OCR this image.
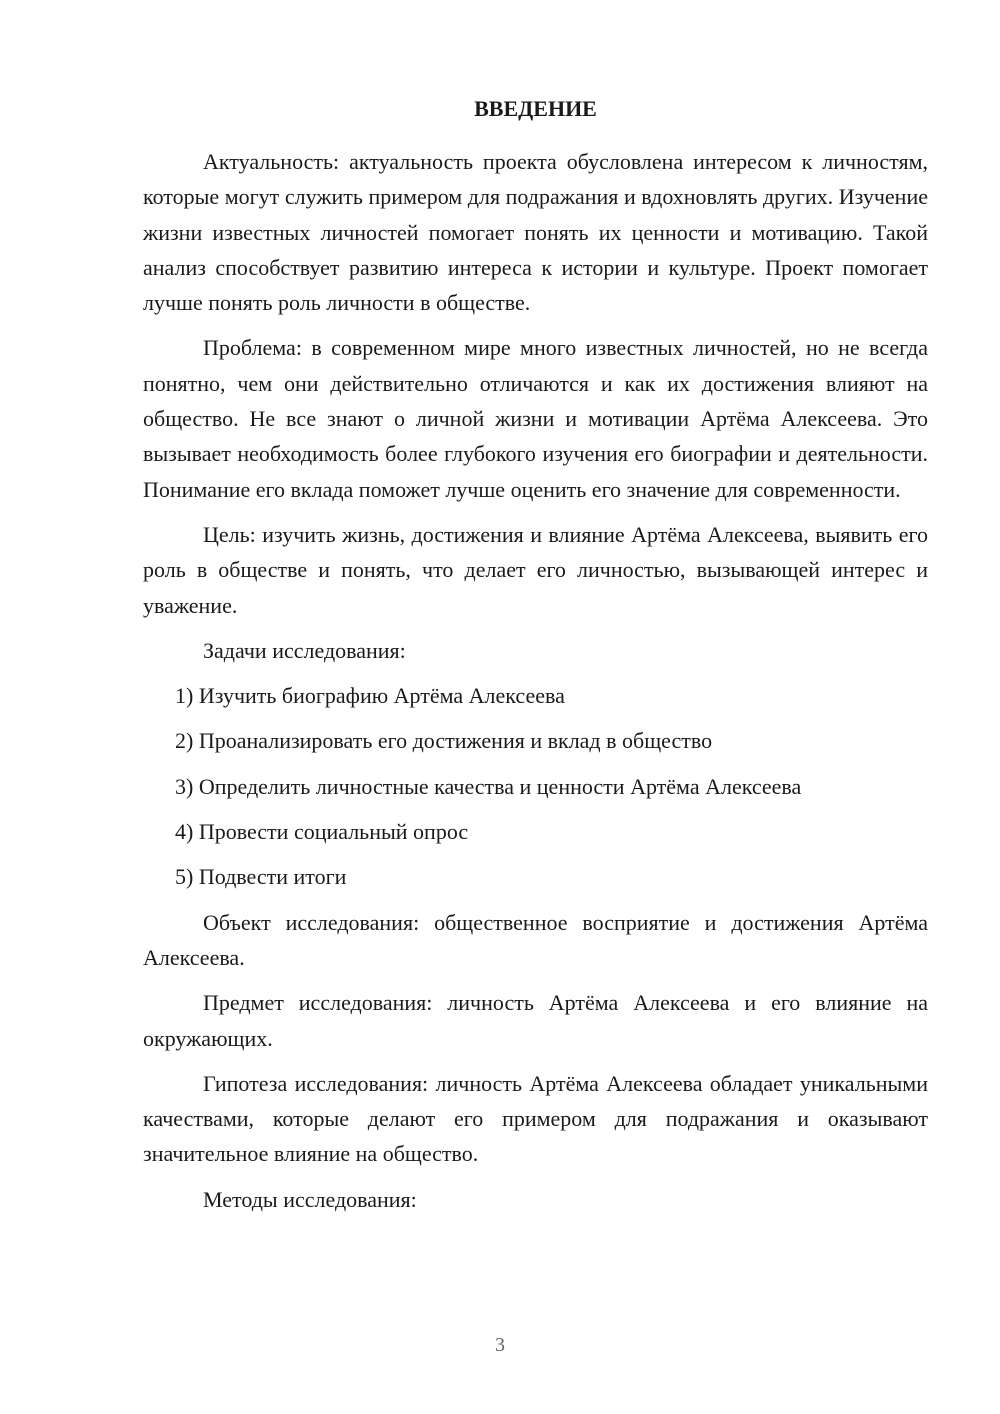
ВВЕДЕНИЕ

Актуальность: актуальность проекта обусловлена интересом к личностям, которые могут служить примером для подражания и вдохновлять других. Изучение жизни известных личностей помогает понять их ценности и мотивацию. Такой анализ способствует развитию интереса к истории и культуре. Проект помогает лучше понять роль личности в обществе.

Проблема: в современном мире много известных личностей, но не всегда понятно, чем они действительно отличаются и как их достижения влияют на общество. Не все знают о личной жизни и мотивации Артёма Алексеева. Это вызывает необходимость более глубокого изучения его биографии и деятельности. Понимание его вклада поможет лучше оценить его значение для современности.

Цель: изучить жизнь, достижения и влияние Артёма Алексеева, выявить его роль в обществе и понять, что делает его личностью, вызывающей интерес и уважение.

Задачи исследования:

1) Изучить биографию Артёма Алексеева

2) Проанализировать его достижения и вклад в общество

3) Определить личностные качества и ценности Артёма Алексеева

4) Провести социальный опрос

5) Подвести итоги

Объект исследования: общественное восприятие и достижения Артёма Алексеева.

Предмет исследования: личность Артёма Алексеева и его влияние на окружающих.

Гипотеза исследования: личность Артёма Алексеева обладает уникальными качествами, которые делают его примером для подражания и оказывают значительное влияние на общество.

Методы исследования:

3
